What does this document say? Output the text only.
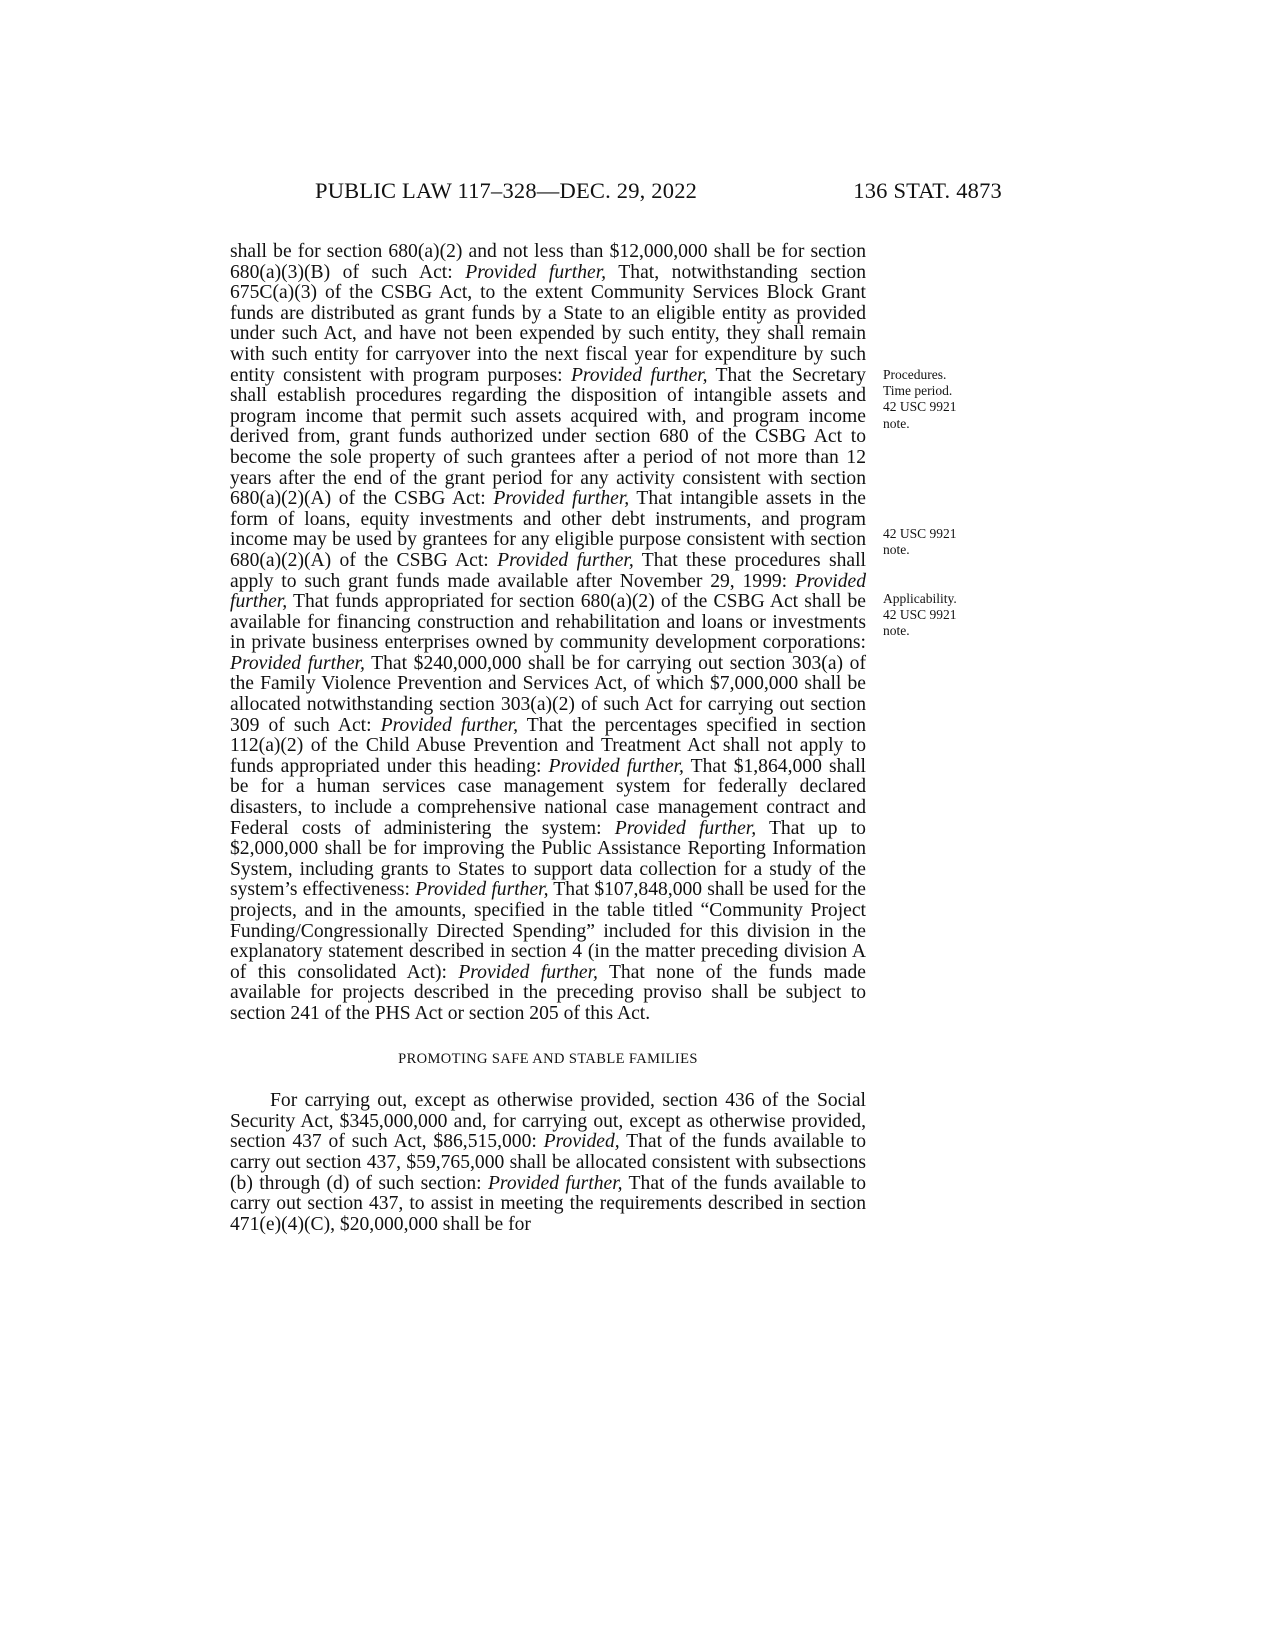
PUBLIC LAW 117–328—DEC. 29, 2022	136 STAT. 4873

shall be for section 680(a)(2) and not less than $12,000,000 shall be for section 680(a)(3)(B) of such Act: Provided further, That, notwithstanding section 675C(a)(3) of the CSBG Act, to the extent Community Services Block Grant funds are distributed as grant funds by a State to an eligible entity as provided under such Act, and have not been expended by such entity, they shall remain with such entity for carryover into the next fiscal year for expenditure by such entity consistent with program purposes: Provided further, That the Secretary shall establish procedures regarding the disposition of intangible assets and program income that permit such assets acquired with, and program income derived from, grant funds authorized under section 680 of the CSBG Act to become the sole property of such grantees after a period of not more than 12 years after the end of the grant period for any activity consistent with section 680(a)(2)(A) of the CSBG Act: Provided further, That intangible assets in the form of loans, equity investments and other debt instruments, and program income may be used by grantees for any eligible purpose consistent with section 680(a)(2)(A) of the CSBG Act: Provided further, That these procedures shall apply to such grant funds made available after November 29, 1999: Provided further, That funds appropriated for section 680(a)(2) of the CSBG Act shall be available for financing construction and rehabilitation and loans or investments in private business enterprises owned by community development corporations: Provided further, That $240,000,000 shall be for carrying out section 303(a) of the Family Violence Prevention and Services Act, of which $7,000,000 shall be allocated notwithstanding section 303(a)(2) of such Act for carrying out section 309 of such Act: Provided further, That the percentages specified in section 112(a)(2) of the Child Abuse Prevention and Treatment Act shall not apply to funds appropriated under this heading: Provided further, That $1,864,000 shall be for a human services case management system for federally declared disasters, to include a comprehensive national case management contract and Federal costs of administering the system: Provided further, That up to $2,000,000 shall be for improving the Public Assistance Reporting Information System, including grants to States to support data collection for a study of the system’s effectiveness: Provided further, That $107,848,000 shall be used for the projects, and in the amounts, specified in the table titled “Community Project Funding/Congressionally Directed Spending” included for this division in the explanatory statement described in section 4 (in the matter preceding division A of this consolidated Act): Provided further, That none of the funds made available for projects described in the preceding proviso shall be subject to section 241 of the PHS Act or section 205 of this Act.

PROMOTING SAFE AND STABLE FAMILIES

For carrying out, except as otherwise provided, section 436 of the Social Security Act, $345,000,000 and, for carrying out, except as otherwise provided, section 437 of such Act, $86,515,000: Provided, That of the funds available to carry out section 437, $59,765,000 shall be allocated consistent with subsections (b) through (d) of such section: Provided further, That of the funds available to carry out section 437, to assist in meeting the requirements described in section 471(e)(4)(C), $20,000,000 shall be for

Procedures.
Time period.
42 USC 9921
note.
42 USC 9921
note.
Applicability.
42 USC 9921
note.
